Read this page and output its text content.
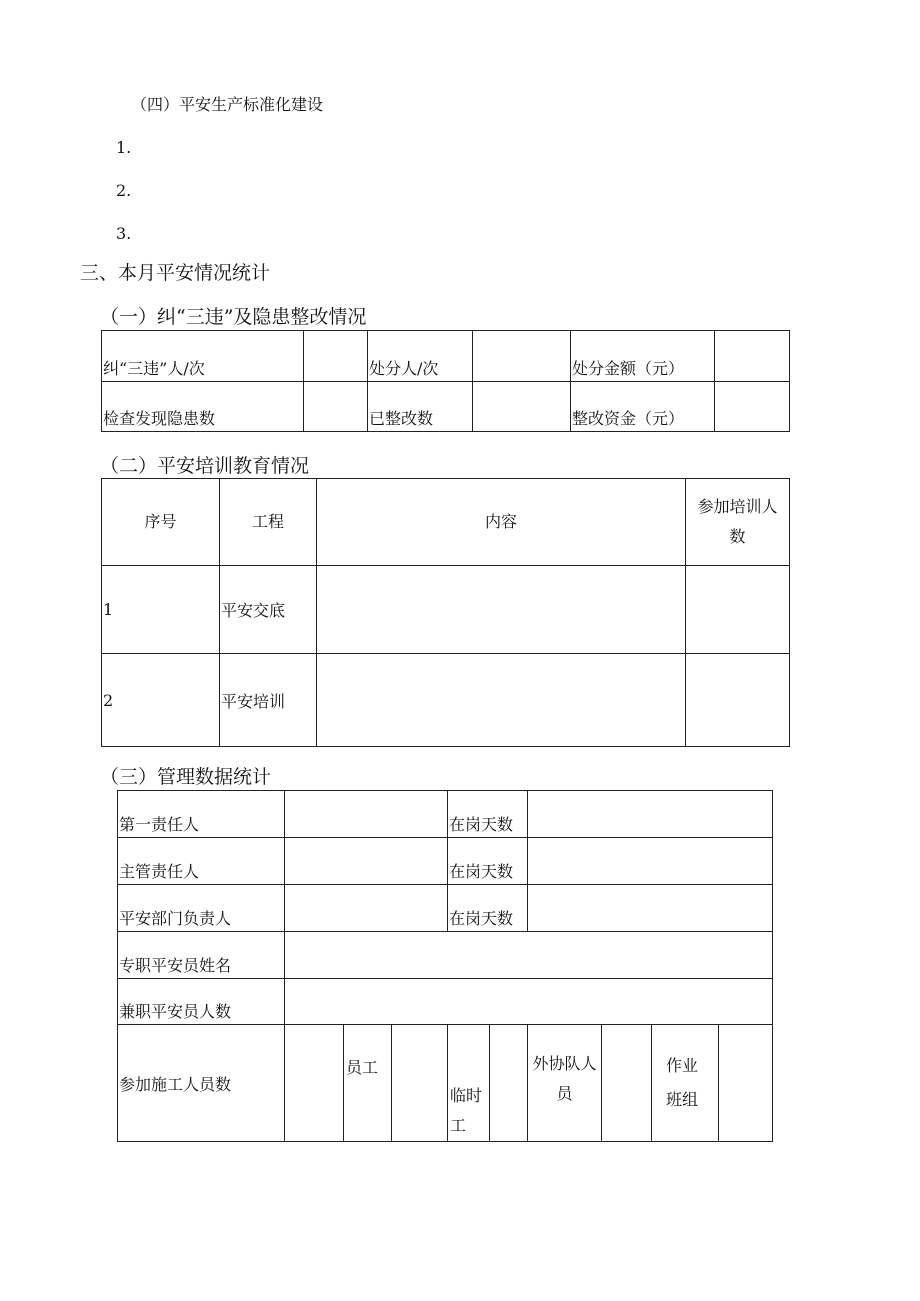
（四）平安生产标准化建设
1.
2.
3.
三、本月平安情况统计
（一）纠“三违”及隐患整改情况
纠“三违”人/次		处分人/次		处分金额（元）	
检查发现隐患数		已整改数		整改资金（元）	
（二）平安培训教育情况
序号	工程	内容	参加培训人数
1	平安交底		
2	平安培训		
（三）管理数据统计
第一责任人				在岗天数					
主管责任人				在岗天数					
平安部门负责人				在岗天数					
专职平安员姓名									
兼职平安员人数									
参加施工人员数		员工		临时工		外协队人员		作业班组	
